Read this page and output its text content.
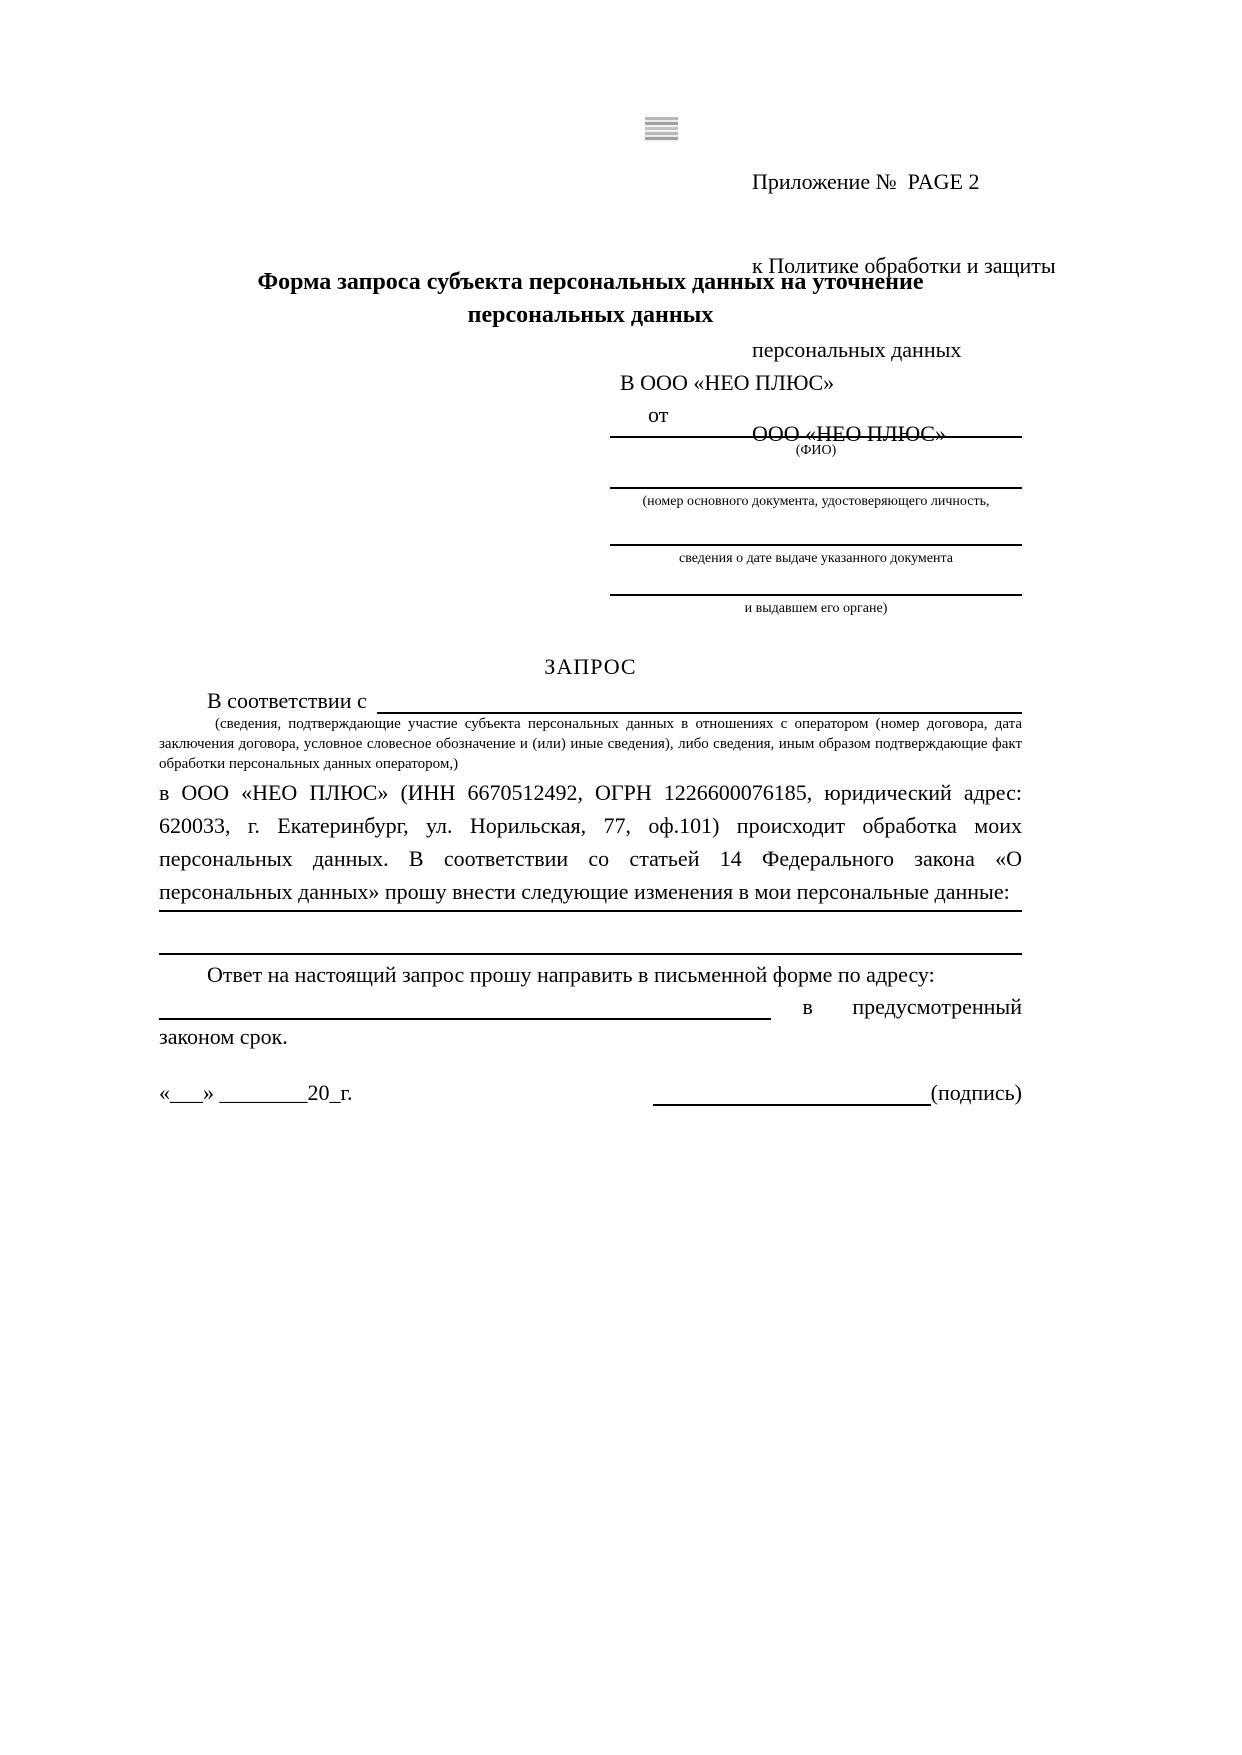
Приложение №  PAGE 2

к Политике обработки и защиты

персональных данных

ООО «НЕО ПЛЮС»

Форма запроса субъекта персональных данных на уточнение
персональных данных
В ООО «НЕО ПЛЮС»
от
(ФИО)
(номер основного документа, удостоверяющего личность,
сведения о дате выдаче указанного документа
и выдавшем его органе)
ЗАПРОС
В соответствии с
(сведения, подтверждающие участие субъекта персональных данных в отношениях с оператором (номер договора, дата заключения договора, условное словесное обозначение и (или) иные сведения), либо сведения, иным образом подтверждающие факт обработки персональных данных оператором,)
в ООО «НЕО ПЛЮС» (ИНН 6670512492, ОГРН 1226600076185, юридический адрес: 620033, г. Екатеринбург, ул. Норильская, 77, оф.101) происходит обработка моих персональных данных. В соответствии со статьей 14 Федерального закона «О персональных данных» прошу внести следующие изменения в мои персональные данные:
Ответ на настоящий запрос прошу направить в письменной форме по адресу:
в предусмотренный
законом срок.
«___» ________20_г.	(подпись)
